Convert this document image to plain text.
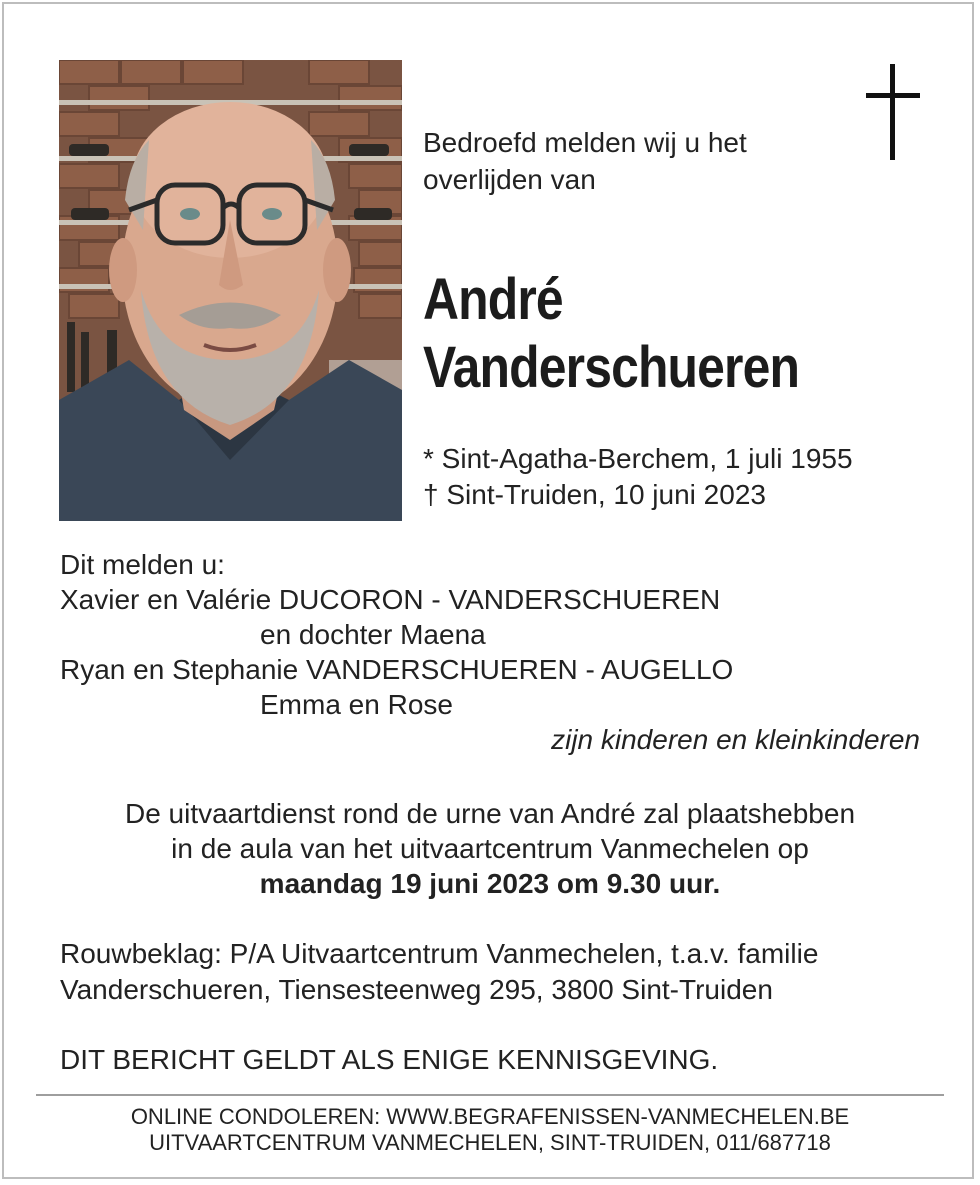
Bedroefd melden wij u het
overlijden van
André
Vanderschueren
* Sint-Agatha-Berchem, 1 juli 1955
† Sint-Truiden, 10 juni 2023
Dit melden u:
Xavier en Valérie DUCORON - VANDERSCHUEREN
en dochter Maena
Ryan en Stephanie VANDERSCHUEREN - AUGELLO
Emma en Rose
zijn kinderen en kleinkinderen
De uitvaartdienst rond de urne van André zal plaatshebben
in de aula van het uitvaartcentrum Vanmechelen op
maandag 19 juni 2023 om 9.30 uur.
Rouwbeklag: P/A Uitvaartcentrum Vanmechelen, t.a.v. familie
Vanderschueren, Tiensesteenweg 295, 3800 Sint-Truiden
DIT BERICHT GELDT ALS ENIGE KENNISGEVING.
ONLINE CONDOLEREN: WWW.BEGRAFENISSEN-VANMECHELEN.BE
UITVAARTCENTRUM VANMECHELEN, SINT-TRUIDEN, 011/687718
